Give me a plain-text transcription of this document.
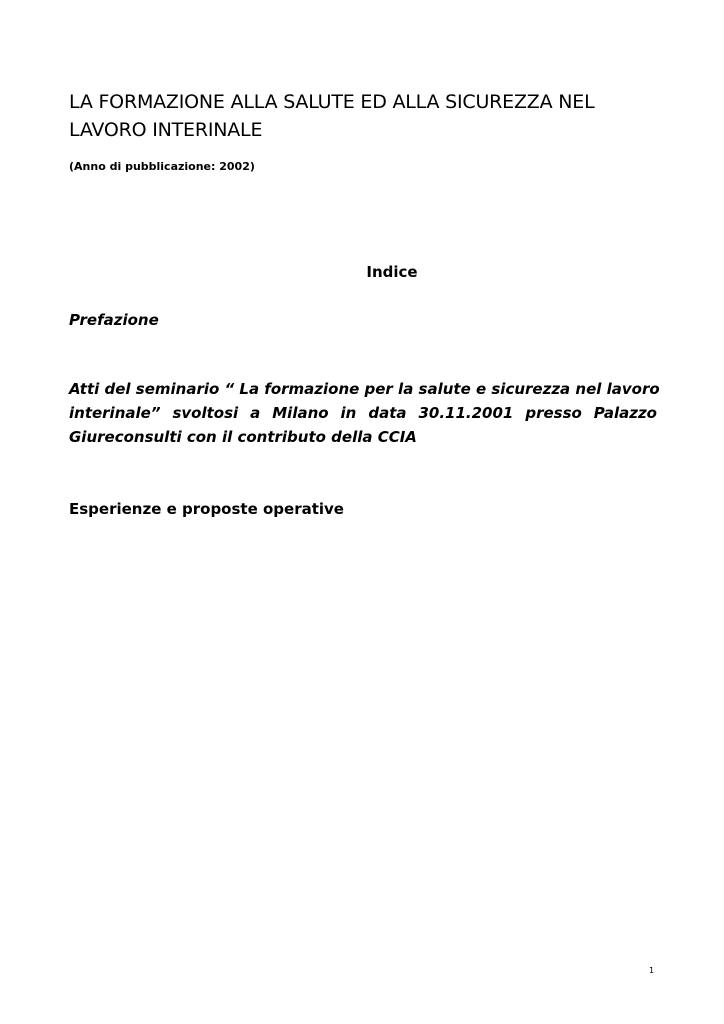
LA FORMAZIONE ALLA SALUTE ED ALLA SICUREZZA NEL
LAVORO INTERINALE
(Anno di pubblicazione: 2002)
Indice
Prefazione
Atti del seminario “ La formazione per la salute e sicurezza nel lavoro
interinale” svoltosi a Milano in data 30.11.2001 presso Palazzo
Giureconsulti con il contributo della CCIA
Esperienze e proposte operative
1
